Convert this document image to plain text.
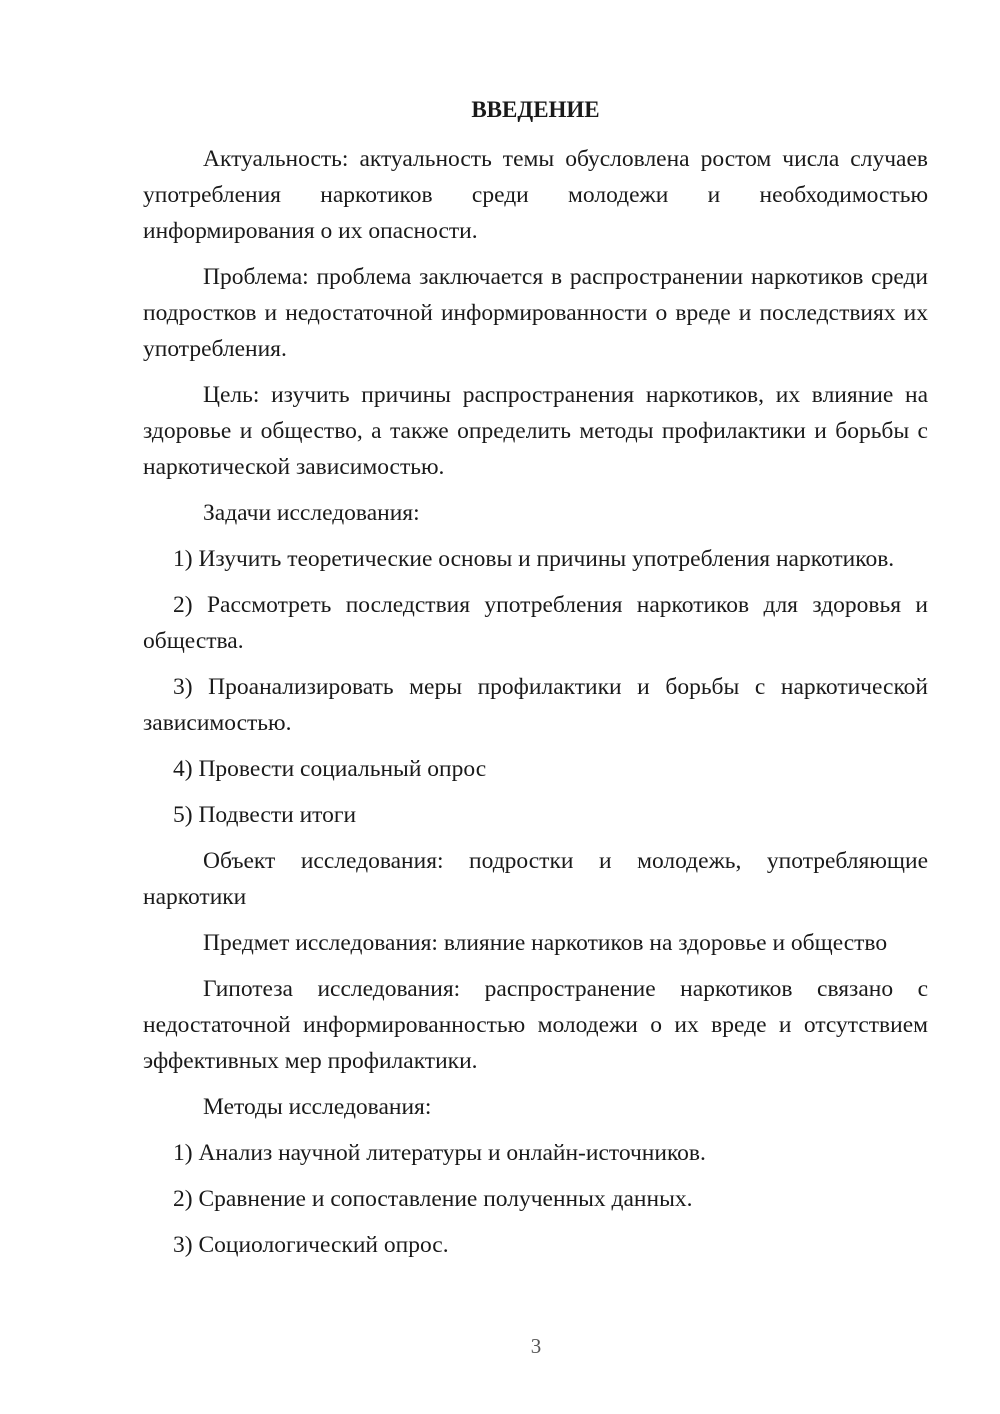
ВВЕДЕНИЕ

Актуальность: актуальность темы обусловлена ростом числа случаев употребления наркотиков среди молодежи и необходимостью информирования о их опасности.

Проблема: проблема заключается в распространении наркотиков среди подростков и недостаточной информированности о вреде и последствиях их употребления.

Цель: изучить причины распространения наркотиков, их влияние на здоровье и общество, а также определить методы профилактики и борьбы с наркотической зависимостью.

Задачи исследования:

1) Изучить теоретические основы и причины употребления наркотиков.

2) Рассмотреть последствия употребления наркотиков для здоровья и общества.

3) Проанализировать меры профилактики и борьбы с наркотической зависимостью.

4) Провести социальный опрос

5) Подвести итоги

Объект исследования: подростки и молодежь, употребляющие наркотики

Предмет исследования: влияние наркотиков на здоровье и общество

Гипотеза исследования: распространение наркотиков связано с недостаточной информированностью молодежи о их вреде и отсутствием эффективных мер профилактики.

Методы исследования:

1) Анализ научной литературы и онлайн-источников.

2) Сравнение и сопоставление полученных данных.

3) Социологический опрос.

3
